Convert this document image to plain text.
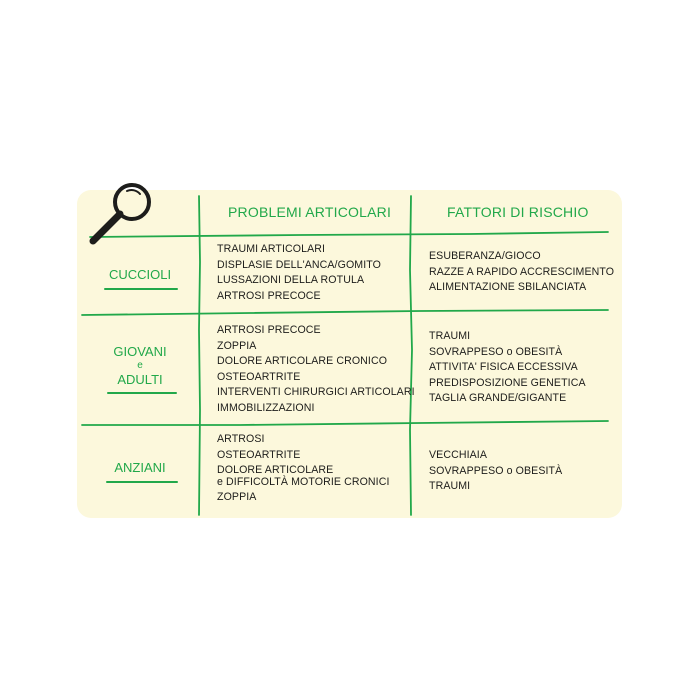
PROBLEMI ARTICOLARI	FATTORI DI RISCHIO
CUCCIOLI
TRAUMI ARTICOLARI
DISPLASIE DELL'ANCA/GOMITO
LUSSAZIONI DELLA ROTULA
ARTROSI PRECOCE
ESUBERANZA/GIOCO
RAZZE A RAPIDO ACCRESCIMENTO
ALIMENTAZIONE SBILANCIATA
GIOVANI
e
ADULTI
ARTROSI PRECOCE
ZOPPIA
DOLORE ARTICOLARE CRONICO
OSTEOARTRITE
INTERVENTI CHIRURGICI ARTICOLARI
IMMOBILIZZAZIONI
TRAUMI
SOVRAPPESO o OBESITÀ
ATTIVITA' FISICA ECCESSIVA
PREDISPOSIZIONE GENETICA
TAGLIA GRANDE/GIGANTE
ANZIANI
ARTROSI
OSTEOARTRITE
DOLORE ARTICOLARE
e DIFFICOLTÀ MOTORIE CRONICI
ZOPPIA
VECCHIAIA
SOVRAPPESO o OBESITÀ
TRAUMI
